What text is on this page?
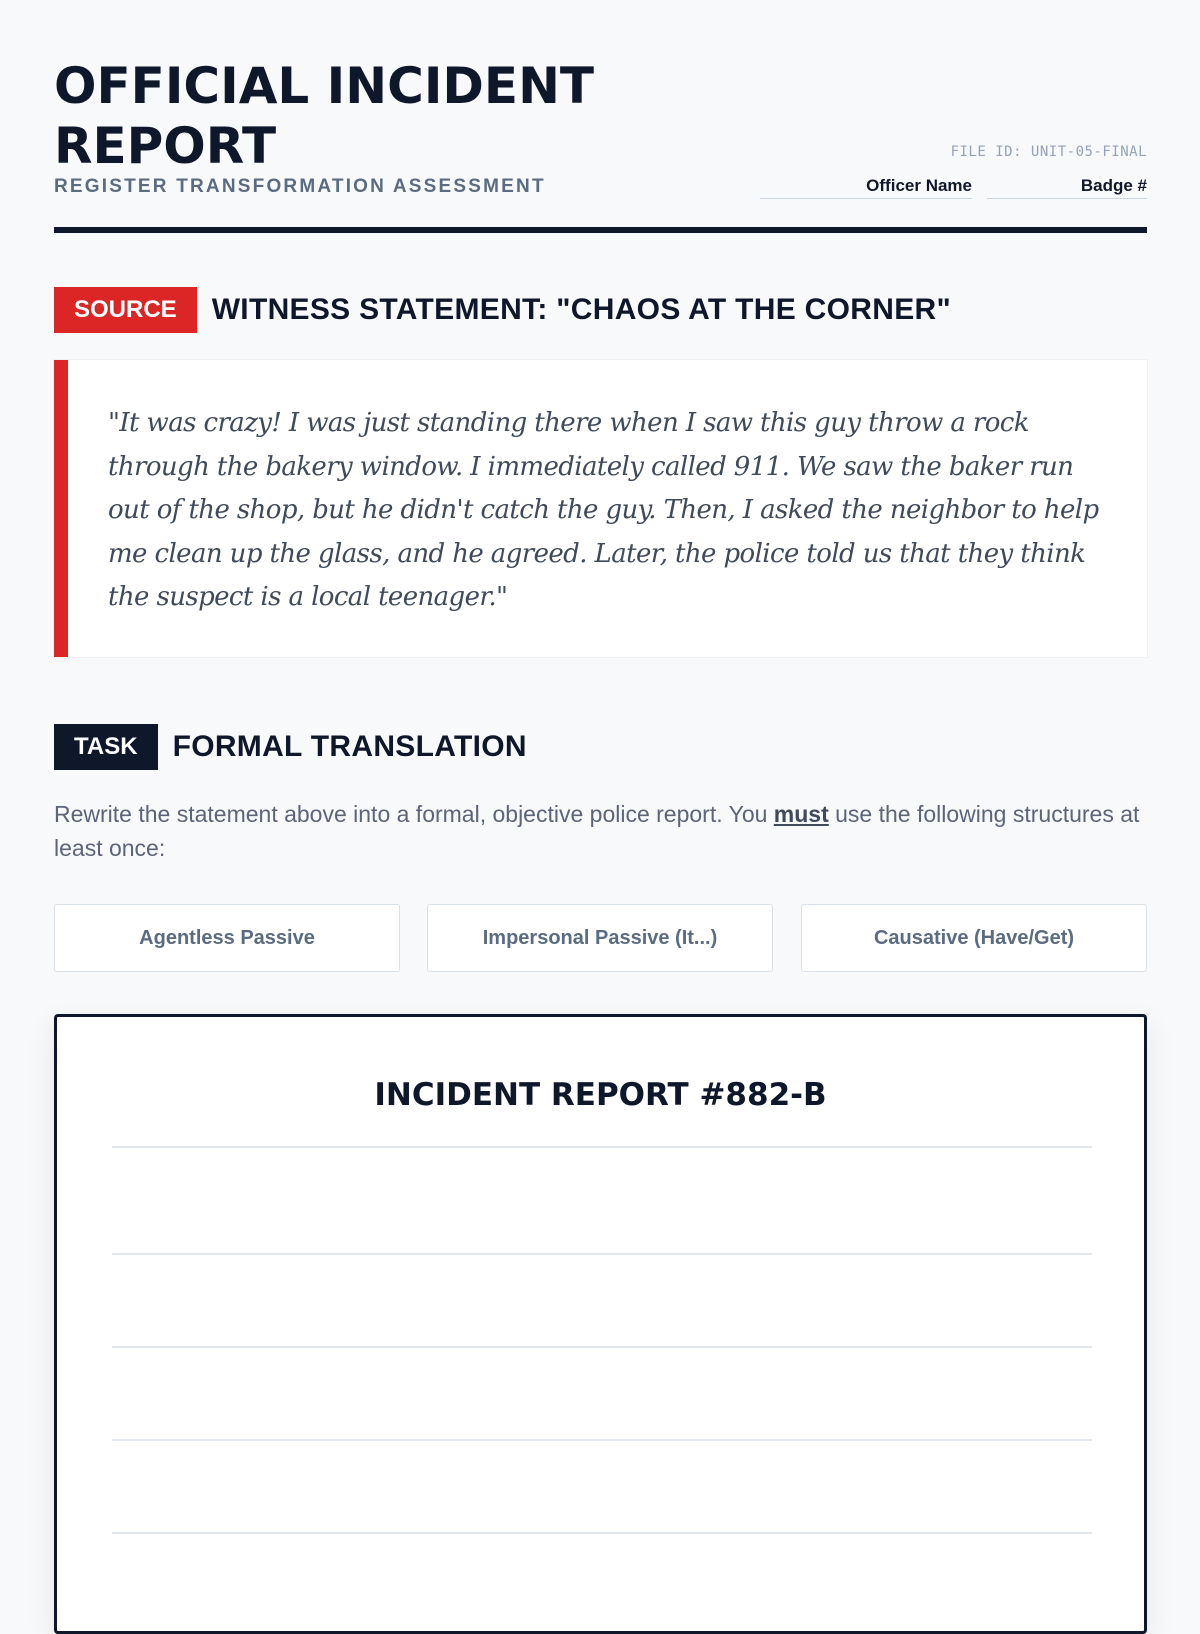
OFFICIAL INCIDENT REPORT
REGISTER TRANSFORMATION ASSESSMENT
FILE ID: UNIT-05-FINAL
Officer Name	Badge #
SOURCE	WITNESS STATEMENT: "CHAOS AT THE CORNER"

"It was crazy! I was just standing there when I saw this guy throw a rock through the bakery window. I immediately called 911. We saw the baker run out of the shop, but he didn't catch the guy. Then, I asked the neighbor to help me clean up the glass, and he agreed. Later, the police told us that they think the suspect is a local teenager."

TASK	FORMAL TRANSLATION
Rewrite the statement above into a formal, objective police report. You must use the following structures at least once:
Agentless Passive	Impersonal Passive (It...)	Causative (Have/Get)
INCIDENT REPORT #882-B
